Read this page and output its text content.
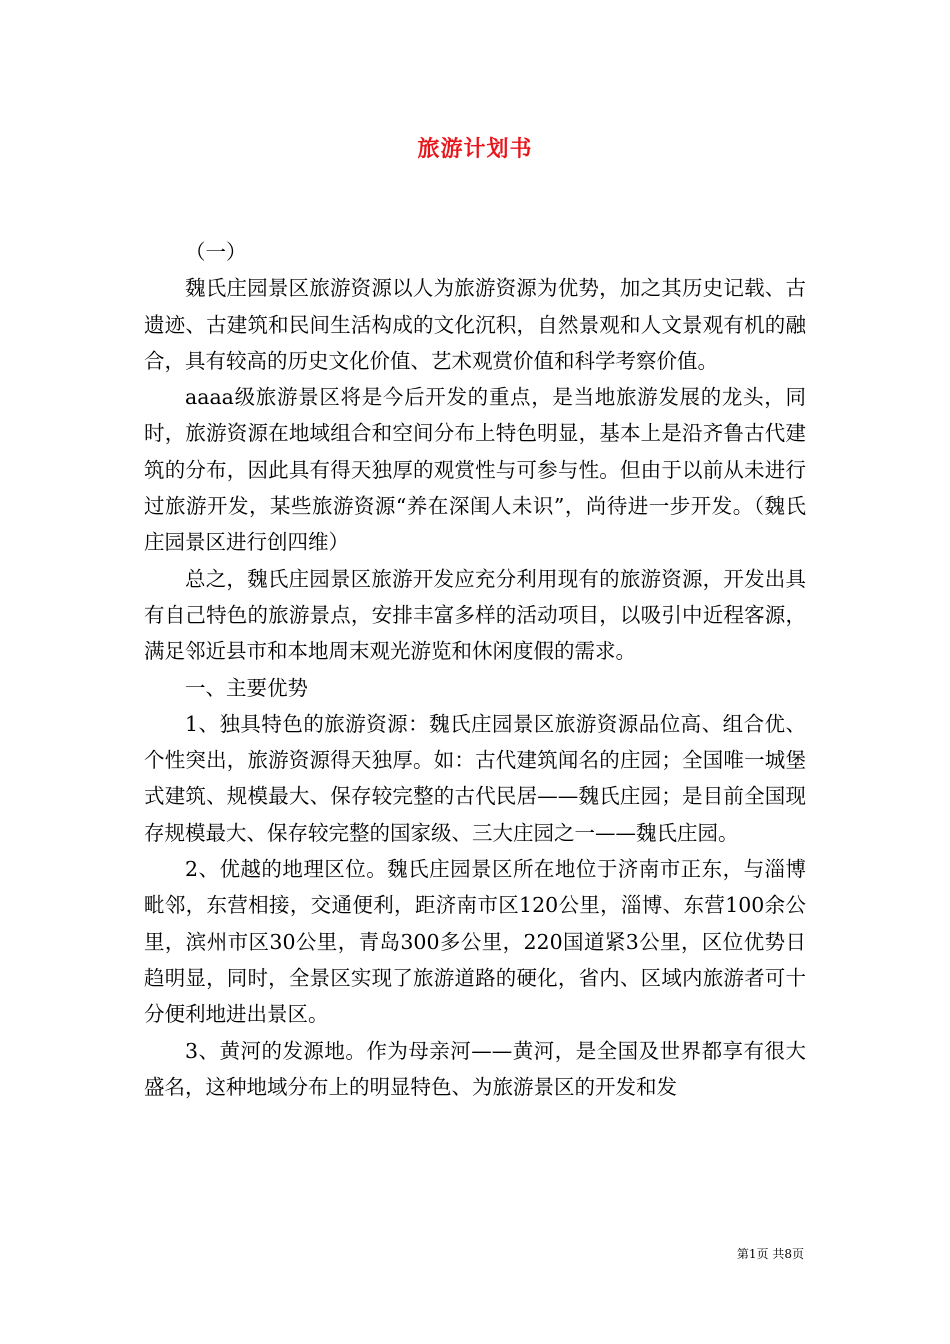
旅游计划书

（一）

魏氏庄园景区旅游资源以人为旅游资源为优势，加之其历史记载、古遗迹、古建筑和民间生活构成的文化沉积，自然景观和人文景观有机的融合，具有较高的历史文化价值、艺术观赏价值和科学考察价值。

aaaa级旅游景区将是今后开发的重点，是当地旅游发展的龙头，同时，旅游资源在地域组合和空间分布上特色明显，基本上是沿齐鲁古代建筑的分布，因此具有得天独厚的观赏性与可参与性。但由于以前从未进行过旅游开发，某些旅游资源“养在深闺人未识”，尚待进一步开发。（魏氏庄园景区进行创四维）

总之，魏氏庄园景区旅游开发应充分利用现有的旅游资源，开发出具有自己特色的旅游景点，安排丰富多样的活动项目，以吸引中近程客源，满足邻近县市和本地周末观光游览和休闲度假的需求。

一、主要优势

1、独具特色的旅游资源：魏氏庄园景区旅游资源品位高、组合优、个性突出，旅游资源得天独厚。如：古代建筑闻名的庄园；全国唯一城堡式建筑、规模最大、保存较完整的古代民居——魏氏庄园；是目前全国现存规模最大、保存较完整的国家级、三大庄园之一——魏氏庄园。

2、优越的地理区位。魏氏庄园景区所在地位于济南市正东，与淄博毗邻，东营相接，交通便利，距济南市区120公里，淄博、东营100余公里，滨州市区30公里，青岛300多公里，220国道紧3公里，区位优势日趋明显，同时，全景区实现了旅游道路的硬化，省内、区域内旅游者可十分便利地进出景区。

3、黄河的发源地。作为母亲河——黄河，是全国及世界都享有很大盛名，这种地域分布上的明显特色、为旅游景区的开发和发

第1页 共8页
